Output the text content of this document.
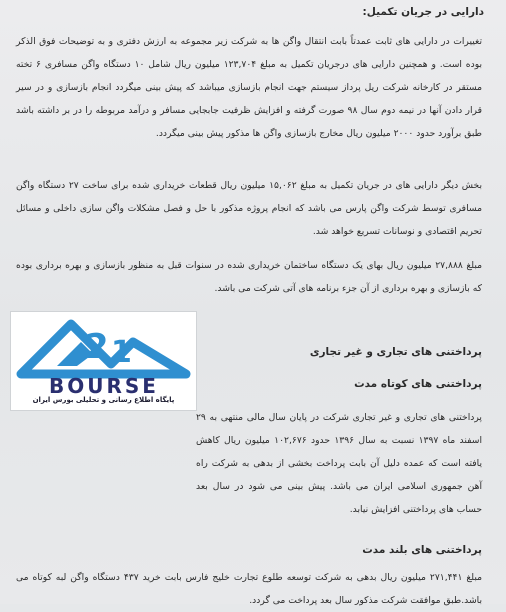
دارایی در جریان تکمیل:
تغییرات در دارایی های ثابت عمدتاً بابت انتقال واگن ها به شرکت زیر مجموعه به ارزش دفتری و به توضیحات فوق الذکر بوده است. و همچنین دارایی های درجریان تکمیل به مبلغ ۱۲۳,۷۰۴ میلیون ریال شامل ۱۰ دستگاه واگن مسافری ۶ تخته مستقر در کارخانه شرکت ریل پرداز سیستم جهت انجام بازسازی میباشد که پیش بینی میگردد انجام بازسازی و در سیر قرار دادن آنها در نیمه دوم سال ۹۸ صورت گرفته و افزایش ظرفیت جابجایی مسافر و درآمد مربوطه را در بر داشته باشد طبق برآورد حدود ۲۰۰۰ میلیون ریال مخارج بازسازی واگن ها مذکور پیش بینی میگردد.
بخش دیگر دارایی های در جریان تکمیل به مبلغ ۱۵,۰۶۲ میلیون ریال قطعات خریداری شده برای ساخت ۲۷ دستگاه واگن مسافری توسط شرکت واگن پارس می باشد که انجام پروژه مذکور با حل و فصل مشکلات واگن سازی داخلی و مسائل تحریم اقتصادی و نوسانات تسریع خواهد شد.
مبلغ ۲۷,۸۸۸ میلیون ریال بهای یک دستگاه ساختمان خریداری شده در سنوات قبل به منظور بازسازی و بهره برداری بوده که بازسازی و بهره برداری از آن جزء برنامه های آتی شرکت می باشد.
2 1
BOURSE
پایگاه اطلاع رسانی و تحلیلی بورس ایران
پرداختنی های تجاری و غیر تجاری
پرداختنی های کوتاه مدت
پرداختنی های تجاری و غیر تجاری شرکت در پایان سال مالی منتهی به ۲۹ اسفند ماه ۱۳۹۷ نسبت به سال ۱۳۹۶ حدود ۱۰۲,۶۷۶ میلیون ریال کاهش یافته است که عمده دلیل آن بابت پرداخت بخشی از بدهی به شرکت راه آهن جمهوری اسلامی ایران می باشد. پیش بینی می شود در سال بعد حساب های پرداختنی افزایش نیابد.
پرداختنی های بلند مدت
مبلغ ۲۷۱,۴۴۱ میلیون ریال بدهی به شرکت توسعه طلوع تجارت خلیج فارس بابت خرید ۴۳۷ دستگاه واگن لبه کوتاه می باشد.طبق موافقت شرکت مذکور سال بعد پرداخت می گردد.
